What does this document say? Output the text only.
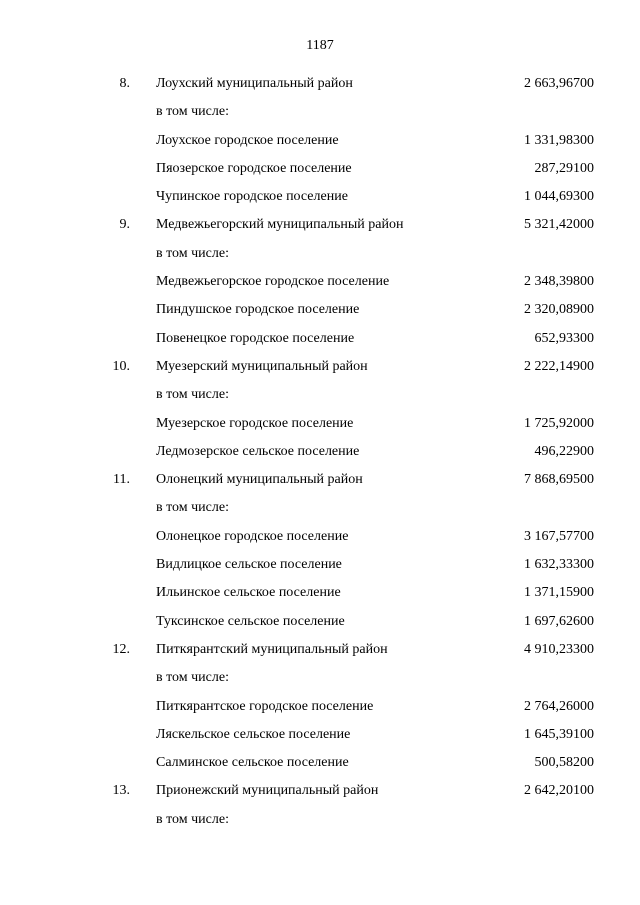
1187
8. Лоухский муниципальный район	2 663,96700
в том числе:
Лоухское городское поселение	1 331,98300
Пяозерское городское поселение	287,29100
Чупинское городское поселение	1 044,69300
9. Медвежьегорский муниципальный район	5 321,42000
в том числе:
Медвежьегорское городское поселение	2 348,39800
Пиндушское городское поселение	2 320,08900
Повенецкое городское поселение	652,93300
10. Муезерский муниципальный район	2 222,14900
в том числе:
Муезерское городское поселение	1 725,92000
Ледмозерское сельское поселение	496,22900
11. Олонецкий муниципальный район	7 868,69500
в том числе:
Олонецкое городское поселение	3 167,57700
Видлицкое сельское поселение	1 632,33300
Ильинское сельское поселение	1 371,15900
Туксинское сельское поселение	1 697,62600
12. Питкярантский муниципальный район	4 910,23300
в том числе:
Питкярантское городское поселение	2 764,26000
Ляскельское сельское поселение	1 645,39100
Салминское сельское поселение	500,58200
13. Прионежский муниципальный район	2 642,20100
в том числе:
